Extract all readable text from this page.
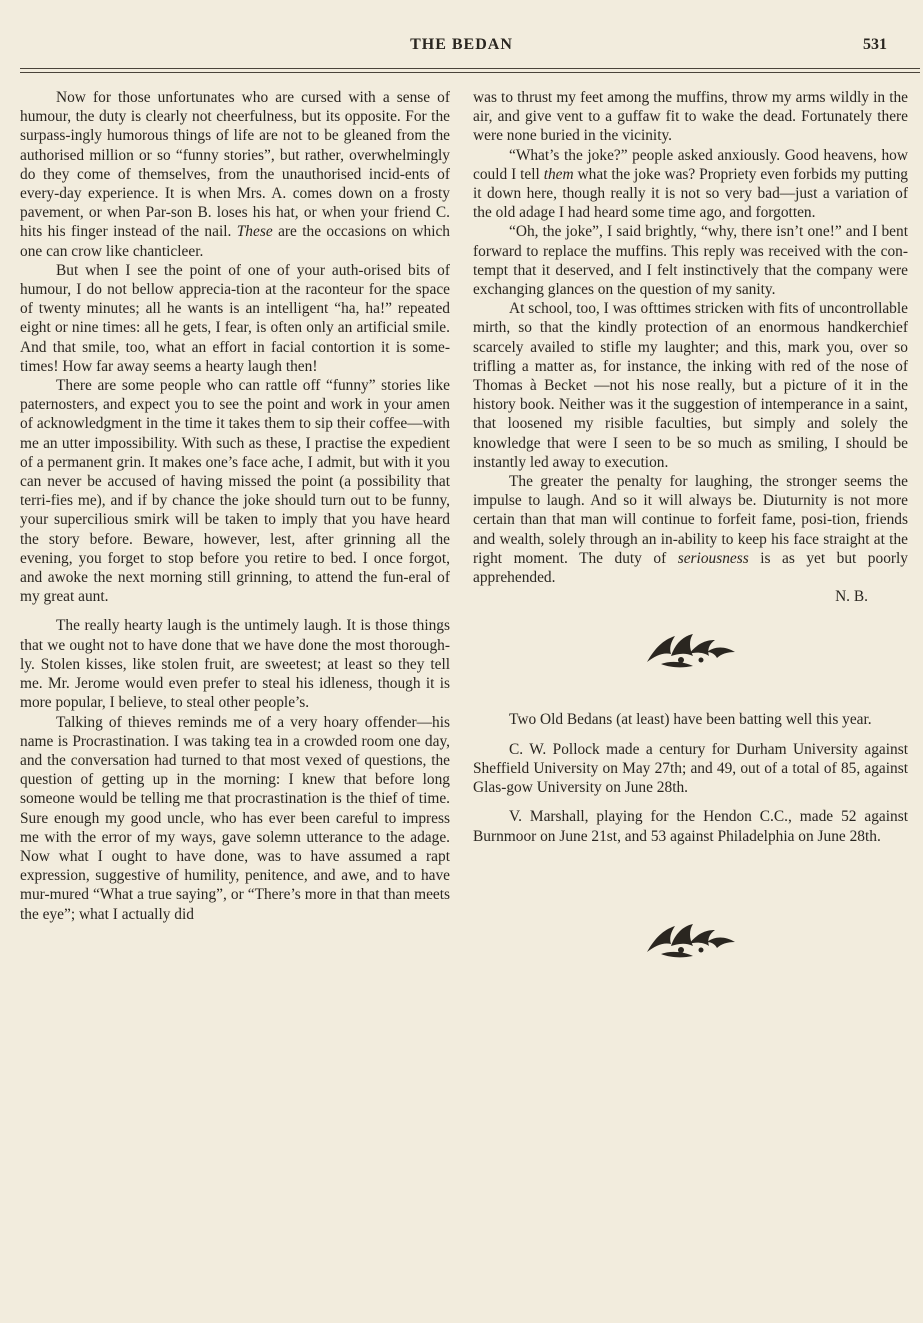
THE BEDAN	531

Now for those unfortunates who are cursed with a sense of humour, the duty is clearly not cheerfulness, but its opposite. For the surpass-ingly humorous things of life are not to be gleaned from the authorised million or so “funny stories”, but rather, overwhelmingly do they come of themselves, from the unauthorised incid-ents of every-day experience. It is when Mrs. A. comes down on a frosty pavement, or when Par-son B. loses his hat, or when your friend C. hits his finger instead of the nail. These are the occasions on which one can crow like chanticleer.

But when I see the point of one of your auth-orised bits of humour, I do not bellow apprecia-tion at the raconteur for the space of twenty minutes; all he wants is an intelligent “ha, ha!” repeated eight or nine times: all he gets, I fear, is often only an artificial smile. And that smile, too, what an effort in facial contortion it is some-times! How far away seems a hearty laugh then!

There are some people who can rattle off “funny” stories like paternosters, and expect you to see the point and work in your amen of acknowledgment in the time it takes them to sip their coffee—with me an utter impossibility. With such as these, I practise the expedient of a permanent grin. It makes one’s face ache, I admit, but with it you can never be accused of having missed the point (a possibility that terri-fies me), and if by chance the joke should turn out to be funny, your supercilious smirk will be taken to imply that you have heard the story before. Beware, however, lest, after grinning all the evening, you forget to stop before you retire to bed. I once forgot, and awoke the next morning still grinning, to attend the fun-eral of my great aunt.

The really hearty laugh is the untimely laugh. It is those things that we ought not to have done that we have done the most thorough-ly. Stolen kisses, like stolen fruit, are sweetest; at least so they tell me. Mr. Jerome would even prefer to steal his idleness, though it is more popular, I believe, to steal other people’s.

Talking of thieves reminds me of a very hoary offender—his name is Procrastination. I was taking tea in a crowded room one day, and the conversation had turned to that most vexed of questions, the question of getting up in the morning: I knew that before long someone would be telling me that procrastination is the thief of time. Sure enough my good uncle, who has ever been careful to impress me with the error of my ways, gave solemn utterance to the adage. Now what I ought to have done, was to have assumed a rapt expression, suggestive of humility, penitence, and awe, and to have mur-mured “What a true saying”, or “There’s more in that than meets the eye”; what I actually did

was to thrust my feet among the muffins, throw my arms wildly in the air, and give vent to a guffaw fit to wake the dead. Fortunately there were none buried in the vicinity.

“What’s the joke?” people asked anxiously. Good heavens, how could I tell them what the joke was? Propriety even forbids my putting it down here, though really it is not so very bad—just a variation of the old adage I had heard some time ago, and forgotten.

“Oh, the joke”, I said brightly, “why, there isn’t one!” and I bent forward to replace the muffins. This reply was received with the con-tempt that it deserved, and I felt instinctively that the company were exchanging glances on the question of my sanity.

At school, too, I was ofttimes stricken with fits of uncontrollable mirth, so that the kindly protection of an enormous handkerchief scarcely availed to stifle my laughter; and this, mark you, over so trifling a matter as, for instance, the inking with red of the nose of Thomas à Becket —not his nose really, but a picture of it in the history book. Neither was it the suggestion of intemperance in a saint, that loosened my risible faculties, but simply and solely the knowledge that were I seen to be so much as smiling, I should be instantly led away to execution.

The greater the penalty for laughing, the stronger seems the impulse to laugh. And so it will always be. Diuturnity is not more certain than that man will continue to forfeit fame, posi-tion, friends and wealth, solely through an in-ability to keep his face straight at the right moment. The duty of seriousness is as yet but poorly apprehended.

N. B.

Two Old Bedans (at least) have been batting well this year.

C. W. Pollock made a century for Durham University against Sheffield University on May 27th; and 49, out of a total of 85, against Glas-gow University on June 28th.

V. Marshall, playing for the Hendon C.C., made 52 against Burnmoor on June 21st, and 53 against Philadelphia on June 28th.
